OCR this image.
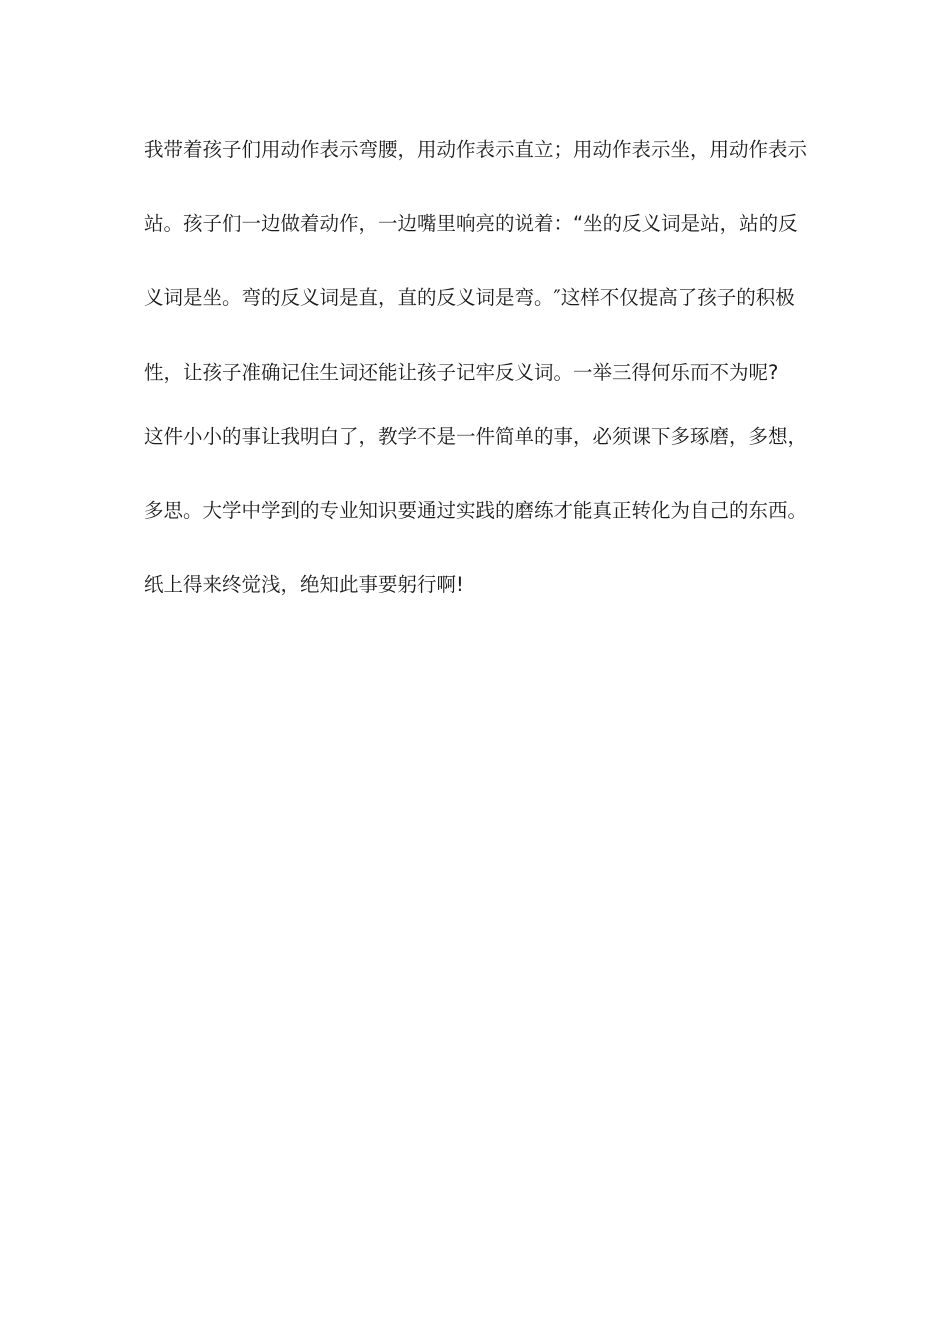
我带着孩子们用动作表示弯腰，用动作表示直立；用动作表示坐，用动作表示
站。孩子们一边做着动作，一边嘴里响亮的说着：“坐的反义词是站，站的反
义词是坐。弯的反义词是直，直的反义词是弯。″这样不仅提高了孩子的积极
性，让孩子准确记住生词还能让孩子记牢反义词。一举三得何乐而不为呢?
这件小小的事让我明白了，教学不是一件简单的事，必须课下多琢磨，多想，
多思。大学中学到的专业知识要通过实践的磨练才能真正转化为自己的东西。
纸上得来终觉浅，绝知此事要躬行啊!
